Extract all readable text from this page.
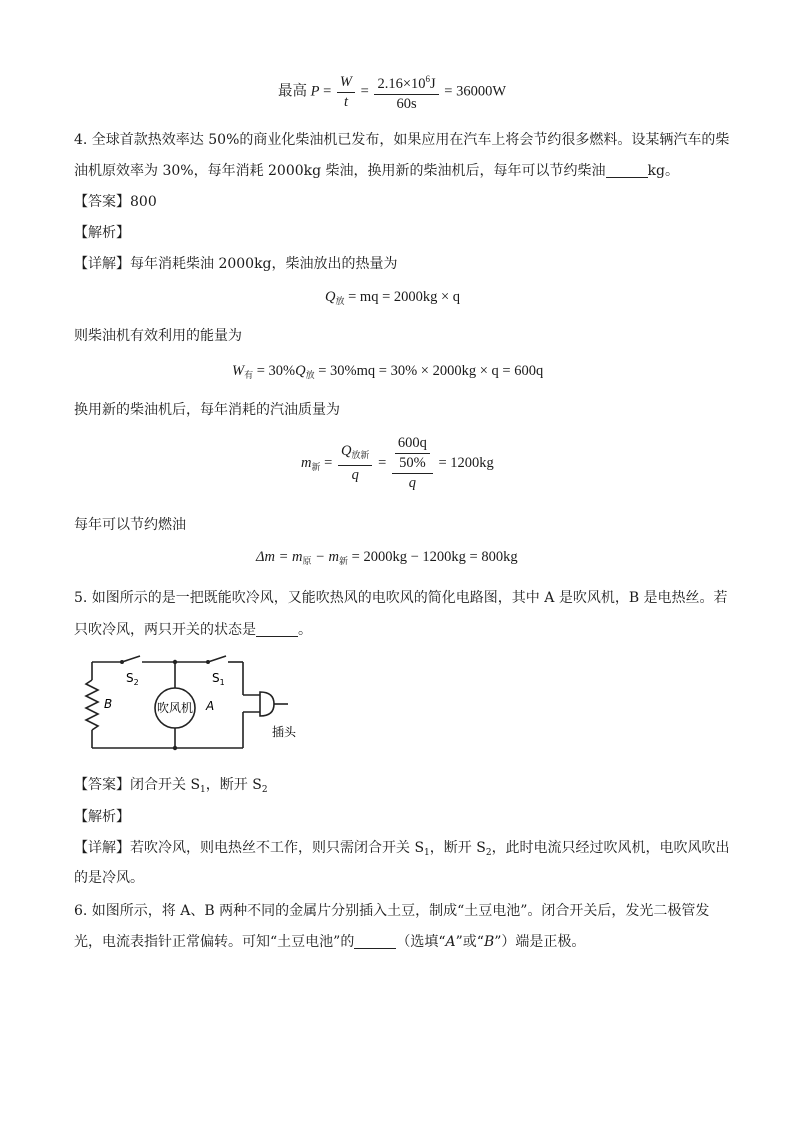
最高 $P = \frac{W}{t} = \frac{2.16\times 10^6J}{60s} = 36000W$
4. 全球首款热效率达 50%的商业化柴油机已发布，如果应用在汽车上将会节约很多燃料。设某辆汽车的柴
油机原效率为 30%，每年消耗 2000kg 柴油，换用新的柴油机后，每年可以节约柴油	kg。
【答案】800
【解析】
【详解】每年消耗柴油 2000kg，柴油放出的热量为
$Q_放$ = mq = 2000kg × q
则柴油机有效利用的能量为
$W_有 = 30\%Q_放 = 30\%mq = 30\% \times 2000kg \times q = 600q$
换用新的柴油机后，每年消耗的汽油质量为
$m_新 = \frac{Q_{放新}}{q} = \frac{\frac{600q}{50\%}}{q} = 1200kg$
每年可以节约燃油
$\Delta m = m_原 - m_新 = 2000kg - 1200kg = 800kg$
5. 如图所示的是一把既能吹冷风，又能吹热风的电吹风的简化电路图，其中 A 是吹风机，B 是电热丝。若
只吹冷风，两只开关的状态是	。
$S_2$	$S_1$
B	A
吹风机
插头
【答案】闭合开关 $S_1$，断开 $S_2$
【解析】
【详解】若吹冷风，则电热丝不工作，则只需闭合开关 $S_1$，断开 $S_2$，此时电流只经过吹风机，电吹风吹出
的是冷风。
6. 如图所示，将 A、B 两种不同的金属片分别插入土豆，制成“土豆电池”。闭合开关后，发光二极管发
光，电流表指针正常偏转。可知“土豆电池”的	（选填“A”或“B”）端是正极。
